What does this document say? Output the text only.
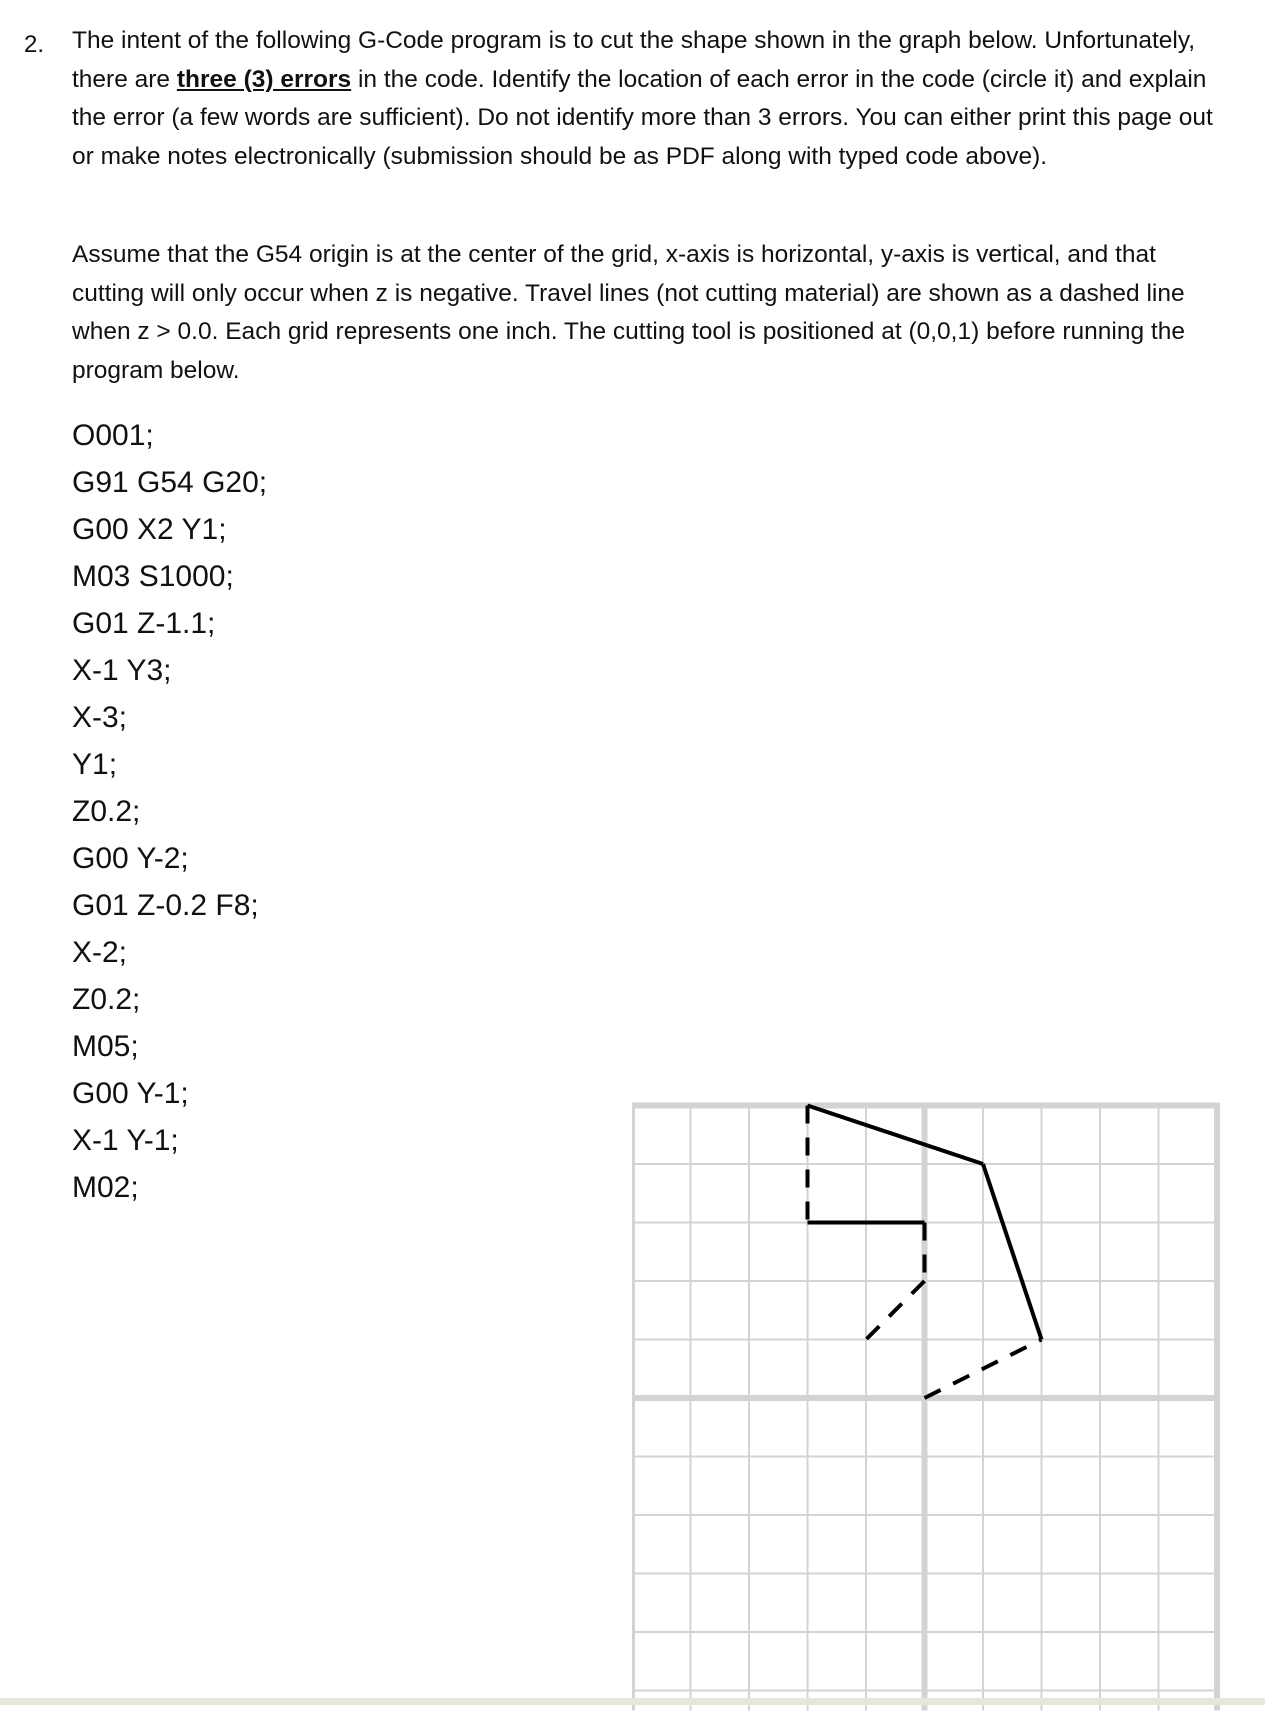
2. The intent of the following G-Code program is to cut the shape shown in the graph below. Unfortunately, there are three (3) errors in the code. Identify the location of each error in the code (circle it) and explain the error (a few words are sufficient). Do not identify more than 3 errors. You can either print this page out or make notes electronically (submission should be as PDF along with typed code above).

Assume that the G54 origin is at the center of the grid, x-axis is horizontal, y-axis is vertical, and that cutting will only occur when z is negative. Travel lines (not cutting material) are shown as a dashed line when z > 0.0. Each grid represents one inch. The cutting tool is positioned at (0,0,1) before running the program below.

O001;
G91 G54 G20;
G00 X2 Y1;
M03 S1000;
G01 Z-1.1;
X-1 Y3;
X-3;
Y1;
Z0.2;
G00 Y-2;
G01 Z-0.2 F8;
X-2;
Z0.2;
M05;
G00 Y-1;
X-1 Y-1;
M02;
